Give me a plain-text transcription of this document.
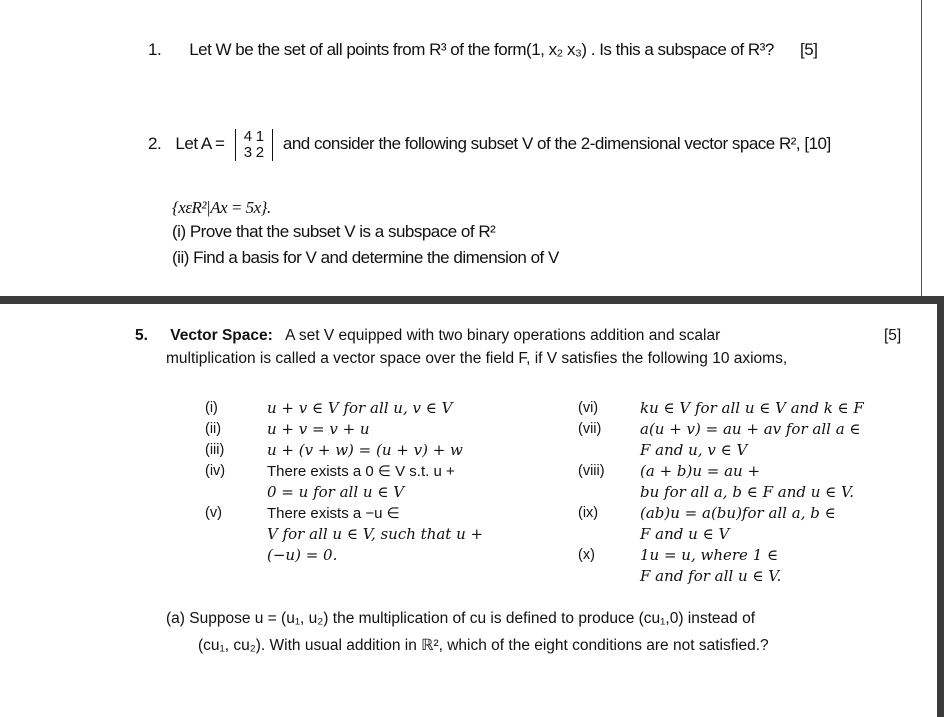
1. Let W be the set of all points from R³ of the form(1, x₂ x₃) . Is this a subspace of R³? [5]
2. Let A = 4 1
3 2 and consider the following subset V of the 2-dimensional vector space R², [10]
{xεR²|Ax = 5x}.
(i) Prove that the subset V is a subspace of R²
(ii) Find a basis for V and determine the dimension of V
5. Vector Space: A set V equipped with two binary operations addition and scalar	[5]
multiplication is called a vector space over the field F, if V satisfies the following 10 axioms,
(i)	u + v ∈ V for all u, v ∈ V
(ii)	u + v = v + u
(iii)	u + (v + w) = (u + v) + w
(iv)	There exists a 0 ∈ V s.t. u +
0 = u for all u ∈ V
(v)	There exists a −u ∈
V for all u ∈ V, such that u +
(−u) = 0.
(vi)	ku ∈ V for all u ∈ V and k ∈ F
(vii)	a(u + v) = au + av for all a ∈
F and u, v ∈ V
(viii)	(a + b)u = au +
bu for all a, b ∈ F and u ∈ V.
(ix)	(ab)u = a(bu)for all a, b ∈
F and u ∈ V
(x)	1u = u, where 1 ∈
F and for all u ∈ V.
(a) Suppose u = (u₁, u₂) the multiplication of cu is defined to produce (cu₁,0) instead of
(cu₁, cu₂). With usual addition in ℝ², which of the eight conditions are not satisfied.?
